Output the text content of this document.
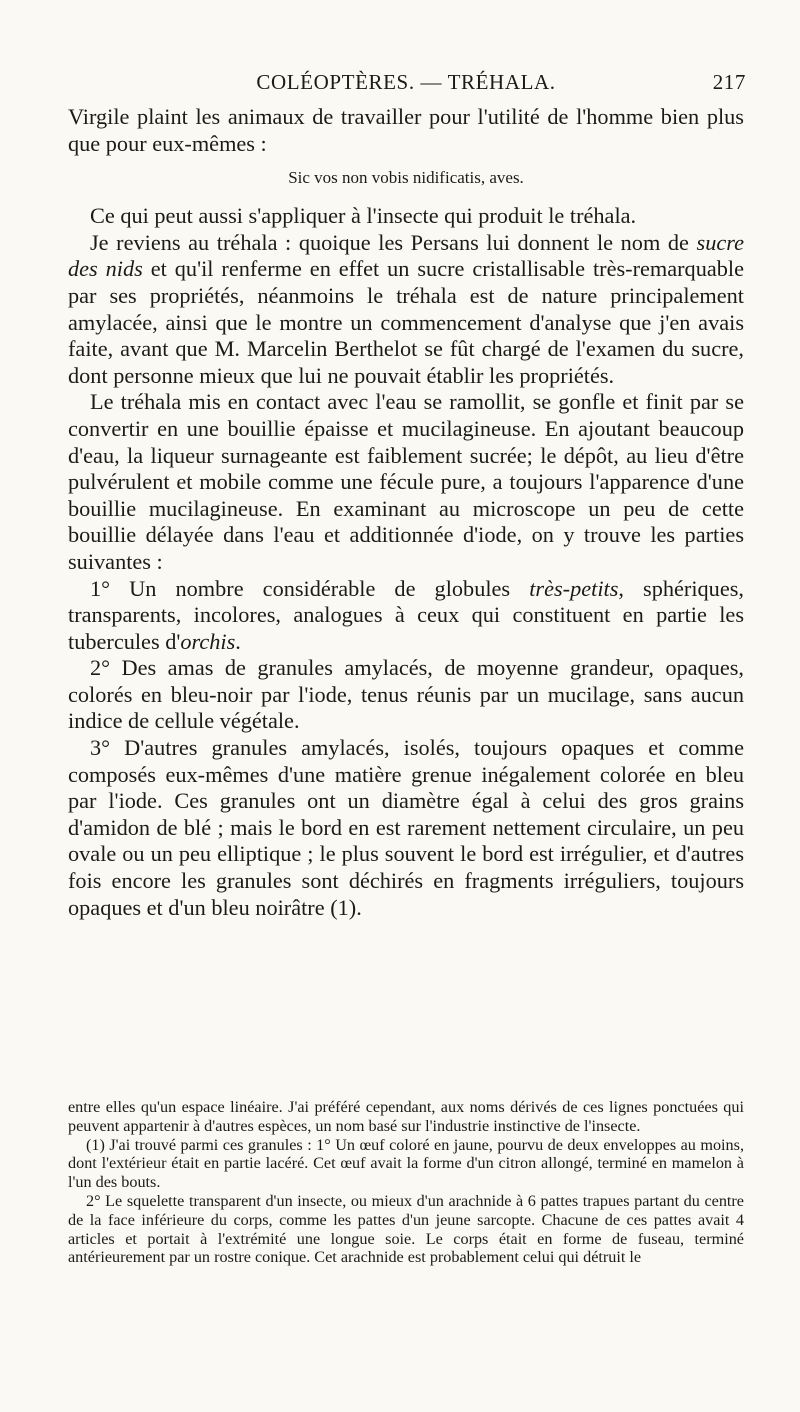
COLÉOPTÈRES. — TRÉHALA.	217

Virgile plaint les animaux de travailler pour l'utilité de l'homme bien plus que pour eux-mêmes :

Sic vos non vobis nidificatis, aves.

Ce qui peut aussi s'appliquer à l'insecte qui produit le tréhala.

Je reviens au tréhala : quoique les Persans lui donnent le nom de sucre des nids et qu'il renferme en effet un sucre cristallisable très-remarquable par ses propriétés, néanmoins le tréhala est de nature principalement amylacée, ainsi que le montre un commencement d'analyse que j'en avais faite, avant que M. Marcelin Berthelot se fût chargé de l'examen du sucre, dont personne mieux que lui ne pouvait établir les propriétés.

Le tréhala mis en contact avec l'eau se ramollit, se gonfle et finit par se convertir en une bouillie épaisse et mucilagineuse. En ajoutant beaucoup d'eau, la liqueur surnageante est faiblement sucrée; le dépôt, au lieu d'être pulvérulent et mobile comme une fécule pure, a toujours l'apparence d'une bouillie mucilagineuse. En examinant au microscope un peu de cette bouillie délayée dans l'eau et additionnée d'iode, on y trouve les parties suivantes :

1° Un nombre considérable de globules très-petits, sphériques, transparents, incolores, analogues à ceux qui constituent en partie les tubercules d'orchis.

2° Des amas de granules amylacés, de moyenne grandeur, opaques, colorés en bleu-noir par l'iode, tenus réunis par un mucilage, sans aucun indice de cellule végétale.

3° D'autres granules amylacés, isolés, toujours opaques et comme composés eux-mêmes d'une matière grenue inégalement colorée en bleu par l'iode. Ces granules ont un diamètre égal à celui des gros grains d'amidon de blé ; mais le bord en est rarement nettement circulaire, un peu ovale ou un peu elliptique ; le plus souvent le bord est irrégulier, et d'autres fois encore les granules sont déchirés en fragments irréguliers, toujours opaques et d'un bleu noirâtre (1).

entre elles qu'un espace linéaire. J'ai préféré cependant, aux noms dérivés de ces lignes ponctuées qui peuvent appartenir à d'autres espèces, un nom basé sur l'industrie instinctive de l'insecte.

(1) J'ai trouvé parmi ces granules : 1° Un œuf coloré en jaune, pourvu de deux enveloppes au moins, dont l'extérieur était en partie lacéré. Cet œuf avait la forme d'un citron allongé, terminé en mamelon à l'un des bouts.

2° Le squelette transparent d'un insecte, ou mieux d'un arachnide à 6 pattes trapues partant du centre de la face inférieure du corps, comme les pattes d'un jeune sarcopte. Chacune de ces pattes avait 4 articles et portait à l'extrémité une longue soie. Le corps était en forme de fuseau, terminé antérieurement par un rostre conique. Cet arachnide est probablement celui qui détruit le
